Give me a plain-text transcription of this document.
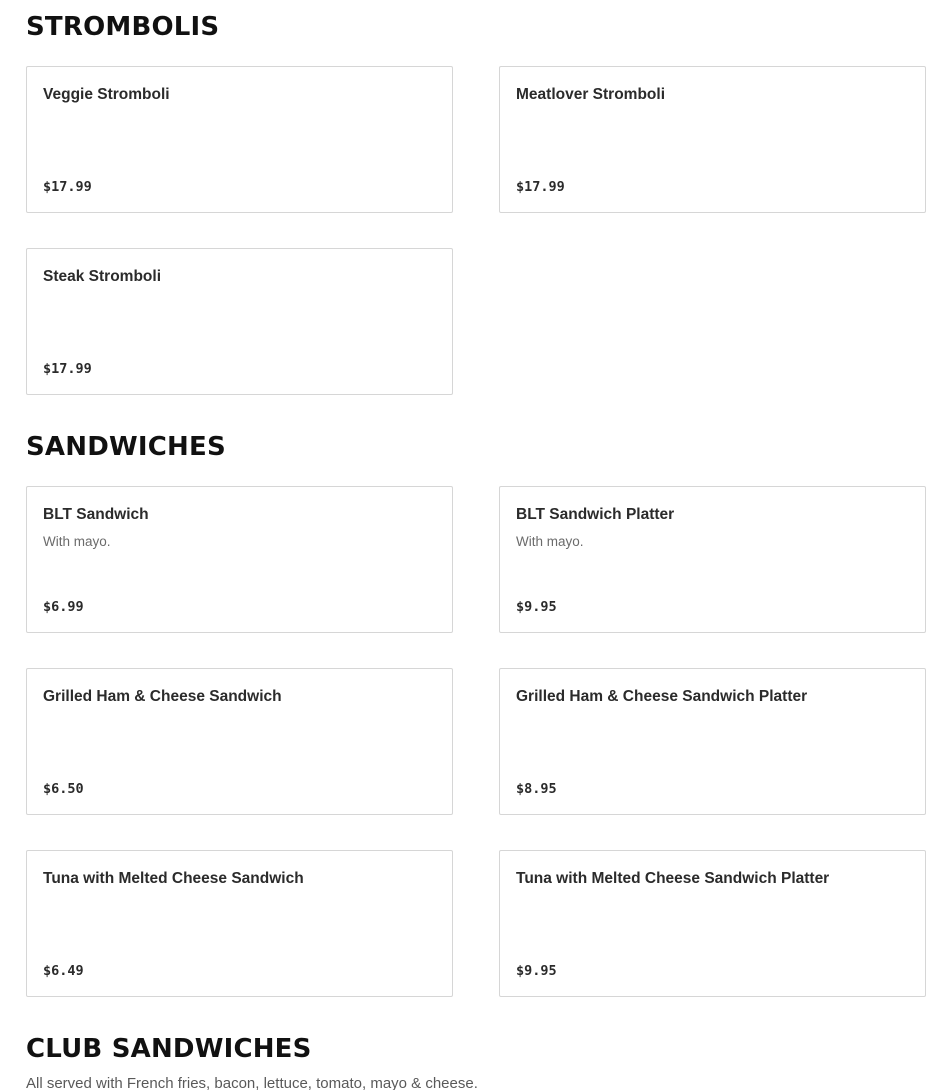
STROMBOLIS
Veggie Stromboli
$17.99
Meatlover Stromboli
$17.99
Steak Stromboli
$17.99
SANDWICHES
BLT Sandwich
With mayo.
$6.99
BLT Sandwich Platter
With mayo.
$9.95
Grilled Ham & Cheese Sandwich
$6.50
Grilled Ham & Cheese Sandwich Platter
$8.95
Tuna with Melted Cheese Sandwich
$6.49
Tuna with Melted Cheese Sandwich Platter
$9.95
CLUB SANDWICHES

All served with French fries, bacon, lettuce, tomato, mayo & cheese.
